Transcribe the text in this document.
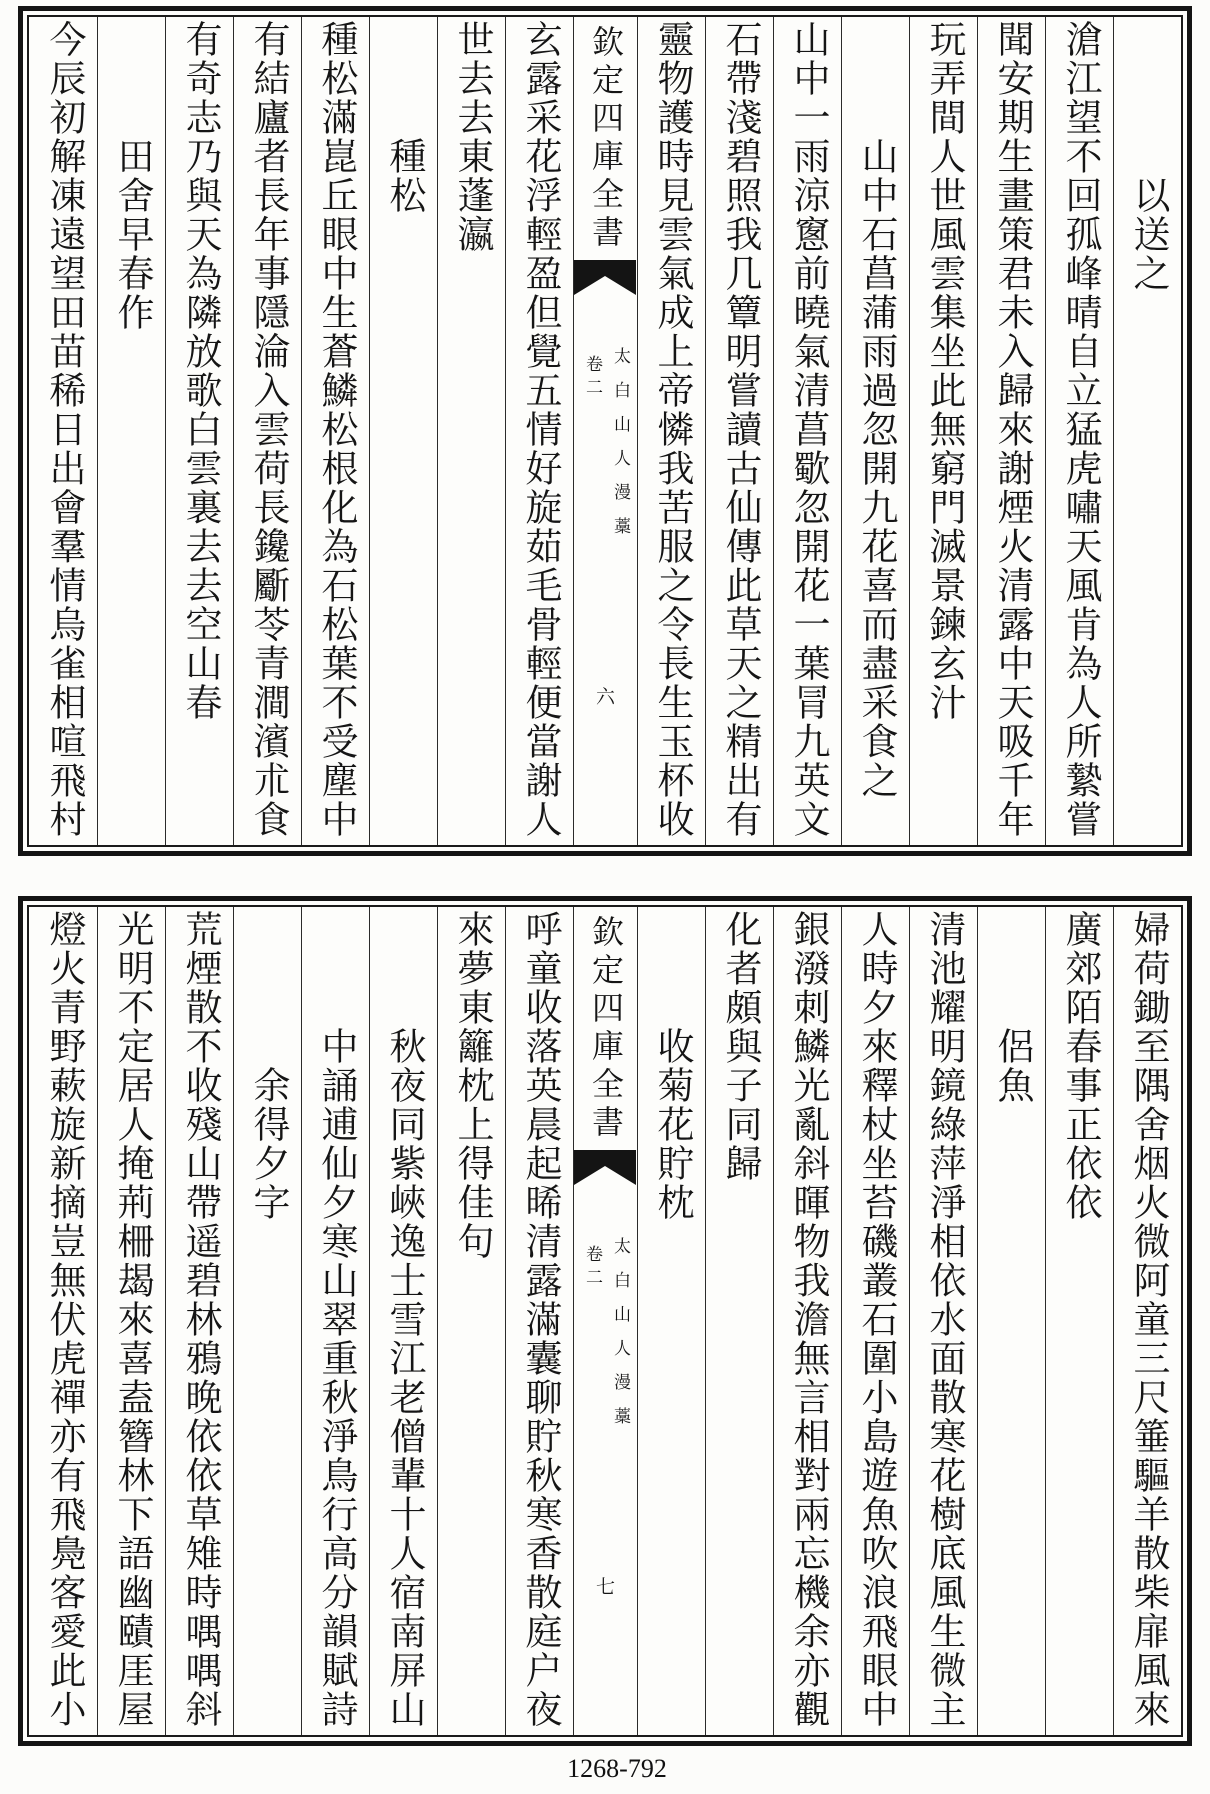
以送之
滄江望不回孤峰晴自立猛虎嘯天風肯為人所縶嘗
聞安期生畫策君未入歸來謝煙火清露中天吸千年
玩弄間人世風雲集坐此無窮門滅景鍊玄汁
山中石菖蒲雨過忽開九花喜而盡采食之
山中一雨涼窻前曉氣清菖歜忽開花一葉冐九英文
石帶淺碧照我几簟明嘗讀古仙傳此草天之精出有
靈物護時見雲氣成上帝憐我苦服之令長生玉杯收
欽定四庫全書
太白山人漫藁
卷二
六
玄露采花浮輕盈但覺五情好旋茹毛骨輕便當謝人
世去去東蓬瀛
種松
種松滿崑丘眼中生蒼鱗松根化為石松葉不受塵中
有結廬者長年事隱淪入雲荷長鑱斸苓青澗濱朮食
有奇志乃與天為隣放歌白雲裏去去空山春
田舍早春作
今辰初解凍遠望田苗稀日出會羣情烏雀相喧飛村
婦荷鋤至隅舍烟火微阿童三尺箠驅羊散柴扉風來
廣郊陌春事正依依
侶魚
清池耀明鏡綠萍淨相依水面散寒花樹底風生微主
人時夕來釋杖坐苔磯叢石圍小島遊魚吹浪飛眼中
銀潑刺鱗光亂斜暉物我澹無言相對兩忘機余亦觀
化者頗與子同歸
收菊花貯枕
欽定四庫全書
太白山人漫藁
卷二
七
呼童收落英晨起晞清露滿囊聊貯秋寒香散庭户夜
來夢東籬枕上得佳句
秋夜同紫峽逸士雪江老僧輩十人宿南屏山
中誦逋仙夕寒山翠重秋淨鳥行高分韻賦詩
余得夕字
荒煙散不收殘山帶遥碧林鴉晚依依草雉時喁喁斜
光明不定居人掩荊柵朅來喜盍簪林下語幽賾厓屋
燈火青野蔌旋新摘豈無伏虎禪亦有飛鳧客愛此小
1268-792
